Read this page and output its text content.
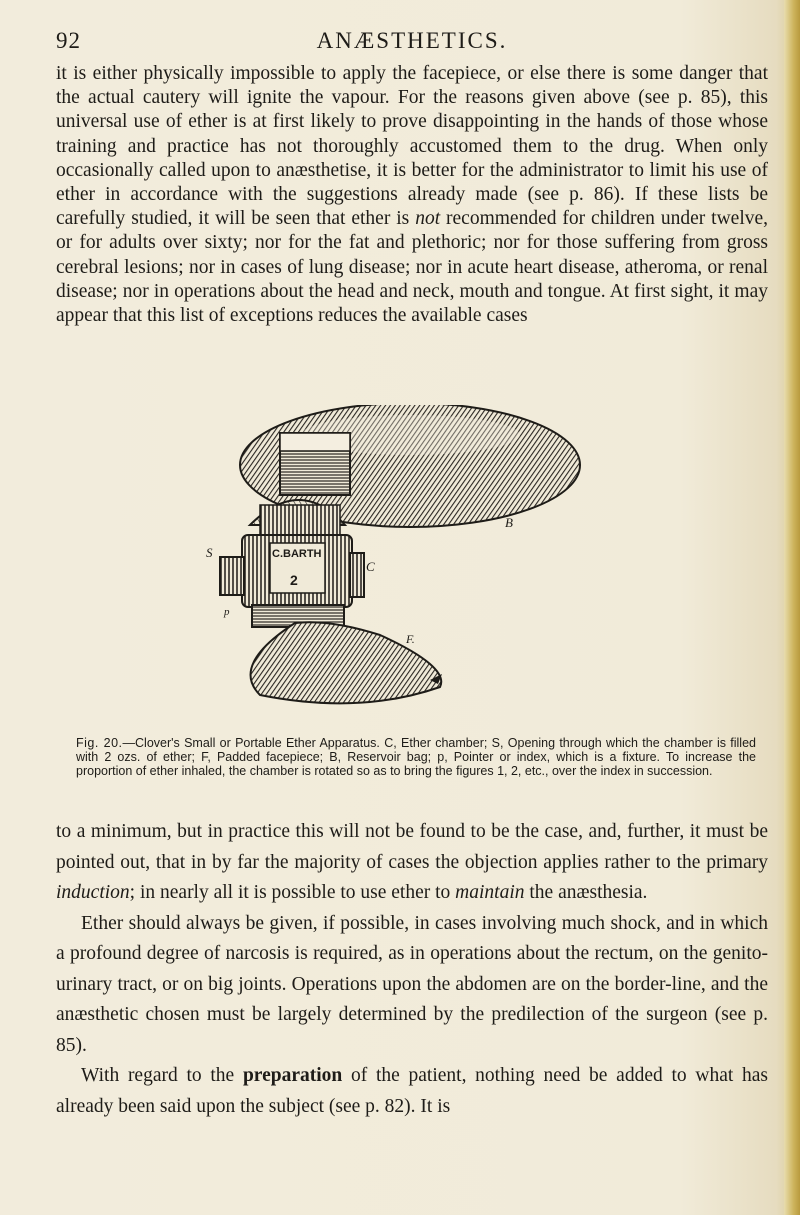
92	ANÆSTHETICS.

it is either physically impossible to apply the facepiece, or else there is some danger that the actual cautery will ignite the vapour. For the reasons given above (see p. 85), this universal use of ether is at first likely to prove disappointing in the hands of those whose training and practice has not thoroughly accustomed them to the drug. When only occasionally called upon to anæsthetise, it is better for the administrator to limit his use of ether in accordance with the suggestions already made (see p. 86). If these lists be carefully studied, it will be seen that ether is not recommended for children under twelve, or for adults over sixty; nor for the fat and plethoric; nor for those suffering from gross cerebral lesions; nor in cases of lung disease; nor in acute heart disease, atheroma, or renal disease; nor in operations about the head and neck, mouth and tongue. At first sight, it may appear that this list of exceptions reduces the available cases

C.BARTH
2
B
S
C
p
F.

Fig. 20.—Clover's Small or Portable Ether Apparatus. C, Ether chamber; S, Opening through which the chamber is filled with 2 ozs. of ether; F, Padded facepiece; B, Reservoir bag; p, Pointer or index, which is a fixture. To increase the proportion of ether inhaled, the chamber is rotated so as to bring the figures 1, 2, etc., over the index in succession.

to a minimum, but in practice this will not be found to be the case, and, further, it must be pointed out, that in by far the majority of cases the objection applies rather to the primary induction; in nearly all it is possible to use ether to maintain the anæsthesia.

Ether should always be given, if possible, in cases involving much shock, and in which a profound degree of narcosis is required, as in operations about the rectum, on the genito-urinary tract, or on big joints. Operations upon the abdomen are on the border-line, and the anæsthetic chosen must be largely determined by the predilection of the surgeon (see p. 85).

With regard to the preparation of the patient, nothing need be added to what has already been said upon the subject (see p. 82). It is
